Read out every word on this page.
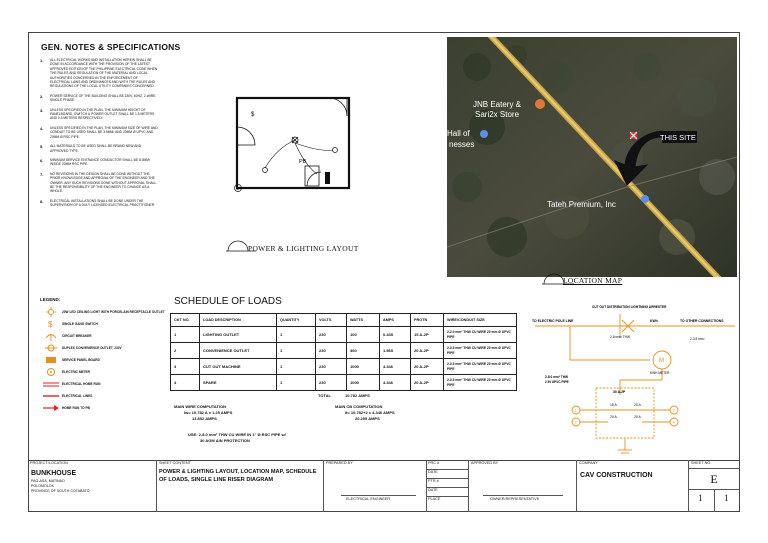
GEN. NOTES & SPECIFICATIONS
1.	ALL ELECTRICAL WORKS AND INSTALLATION HEREIN SHALL BE DONE IN ACCORDANCE WITH THE PROVISION OF THE LATEST APPROVED EDITION OF THE PHILIPPINE ELECTRICAL CODE WHEN THE RULES AND REGULATION OF THE MATERIAL AND LOCAL AUTHORITIES CONCERNED IN THE ENFORCEMENT OF ELECTRICAL LAWS AND ORDINANCES AND WITH THE RULES AND REGULATIONS OF THE LOCAL UTILITY COMPANIES CONCERNED.
2.	POWER SERVICE OF THE BUILDING SHALL BE 230V, 60HZ, 2-WIRE, SINGLE PHASE.
3.	UNLESS SPECIFIED IN THE PLAN, THE MINIMUM HEIGHT OF PANELBOARD, SWITCH & POWER OUTLET SHALL BE 1.5 METERS AND 0.3 METERS RESPECTIVELY.
4.	UNLESS SPECIFIED IN THE PLAN, THE MINIMUM SIZE OF WIRE AND CONDUIT TO BE USED SHALL BE 3.5MM² AND 20MM Ø UPVC AND 20MM Ø RSC PIPE.
5.	ALL MATERIALS TO BE USED SHALL BE BRAND NEW AND APPROVED TYPE.
6.	MINIMUM SERVICE ENTRANCE CONDUCTOR SHALL BE 8.0MM² INSIDE 20MM RSC PIPE.
7.	NO REVISIONS IN THE DESIGN SHALL BE DONE WITHOUT THE PRIOR KNOWLEDGE AND APPROVAL OF THE ENGINEER AND THE OWNER. ANY SUCH REVISIONS DONE WITHOUT APPROVAL SHALL BE THE RESPONSIBILITY OF THE ENGINEER TO CHANGE AS A WHOLE.
8.	ELECTRICAL INSTALLATIONS SHALL BE DONE UNDER THE SUPERVISION OF A DULY LICENSED ELECTRICAL PRACTITIONER.
$
M
PB
POWER & LIGHTING LAYOUT
JNB Eatery &
Sari2x Store
Hall of
nesses
Tateh Premium, Inc
THIS SITE
LOCATION MAP
LEGEND:
20W LED CEILING LIGHT WITH PORCELAIN RECEPTACLE OUTLET
$	SINGLE GANG SWITCH
CIRCUIT BREAKER
DUPLEX CONVENIENCE OUTLET, 230V
SERVICE PANEL BOARD
ELECTRIC METER
ELECTRICAL HOME RUN
ELECTRICAL LINES
HOME RUN TO PB
SCHEDULE OF LOADS
CKT NO.	LOAD DESCRIPTION	QUANTITY	VOLTS	WATTS	AMPS	PROTN	WIRE/CONDUIT SIZE
1	LIGHTING OUTLET	1	230	100	0.435	15 A-2P	2-2.0 mm² THW CU WIRE 20 mm Ø UPVC PIPE
2	CONVENIENCE OUTLET	1	230	360	1.565	20 A-2P	2-3.5 mm² THW CU WIRE 20 mm Ø UPVC PIPE
3	CUT OUT MACHINE	1	230	1000	4.346	20 A-2P	2-3.5 mm² THW CU WIRE 20 mm Ø UPVC PIPE
4	SPARE	1	230	1000	4.346	20 A-2P	2-3.5 mm² THW CU WIRE 20 mm Ø UPVC PIPE
TOTAL	10.782 AMPS
MAIN WIRE COMPUTATION
Iw= 10.782 A x 1.25 AMPS
13.852 AMPS
USE: 2-8.0 mm² THW CU WIRE IN 1" Ø RSC PIPE w/
30 AGM AIN PROTECTION
MAIN CB COMPUTATION
It= 10.782+2 x 4.346 AMPS
20.295 AMPS
TO ELECTRIC POLE LINE
CUT OUT DISTRIBUTION LIGHTNING ARRESTER
TO OTHER CONNECTIONS
KWh
2-8 mm² THW	2-3.5 mm²
M
KWH METER
2-8.0 mm² THW
2 IN UPVC PIPE
30 A-2P
15 A	20 A
20 A	20 A
1
2
3
4
PROJECT/LOCATION
BUNKHOUSE
PAG-ASA, MATINAO
POLOMOLOK
PROVINCE OF SOUTH COTABATO
SHEET CONTENT
POWER & LIGHTING LAYOUT, LOCATION MAP, SCHEDULE OF LOADS, SINGLE LINE RISER DIAGRAM
PREPARED BY
ELECTRICAL ENGINEER
PRC #
DATE
PTR #
DATE
PLACE
APPROVED BY
OWNER/REPRESENTATIVE
COMPANY
CAV CONSTRUCTION
SHEET NO.
E
1 1
